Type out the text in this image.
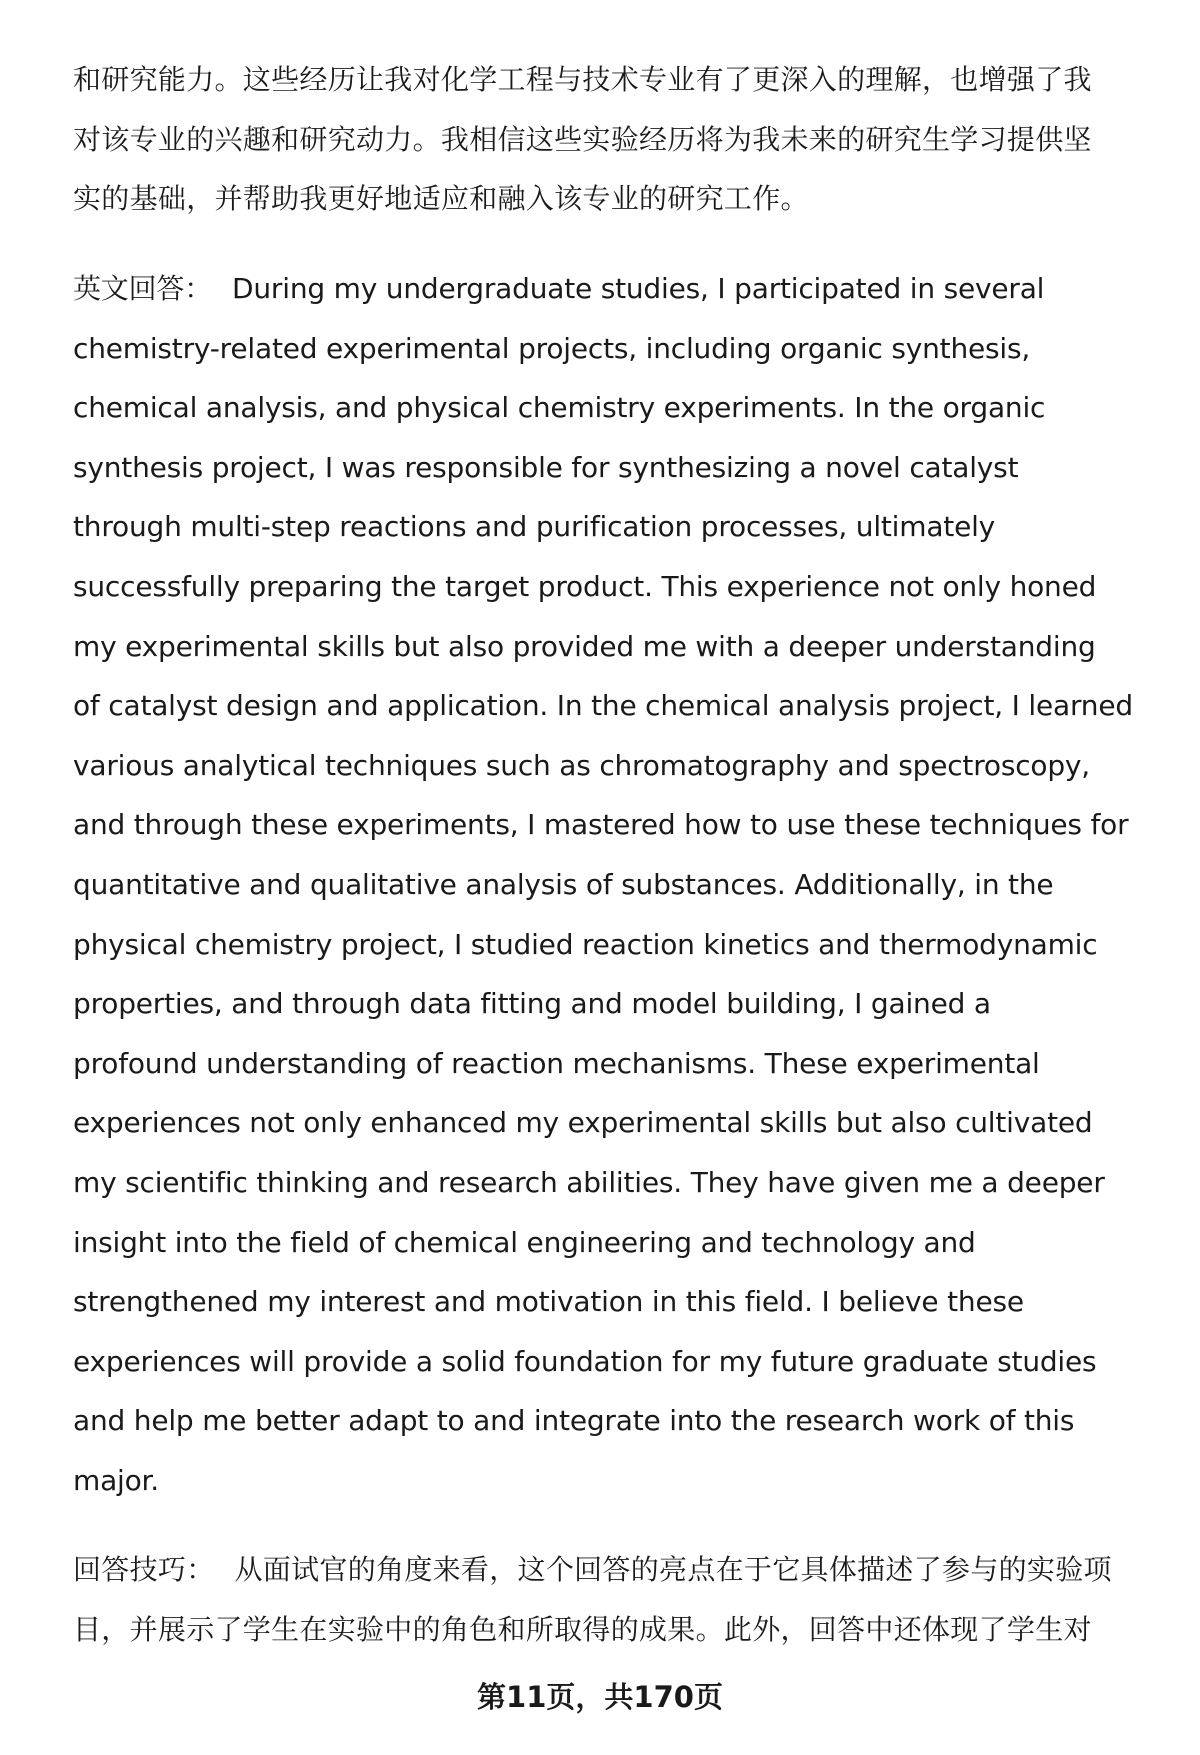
和研究能力。这些经历让我对化学工程与技术专业有了更深入的理解，也增强了我
对该专业的兴趣和研究动力。我相信这些实验经历将为我未来的研究生学习提供坚
实的基础，并帮助我更好地适应和融入该专业的研究工作。
英文回答： During my undergraduate studies, I participated in several
chemistry-related experimental projects, including organic synthesis,
chemical analysis, and physical chemistry experiments. In the organic
synthesis project, I was responsible for synthesizing a novel catalyst
through multi-step reactions and purification processes, ultimately
successfully preparing the target product. This experience not only honed
my experimental skills but also provided me with a deeper understanding
of catalyst design and application. In the chemical analysis project, I learned
various analytical techniques such as chromatography and spectroscopy,
and through these experiments, I mastered how to use these techniques for
quantitative and qualitative analysis of substances. Additionally, in the
physical chemistry project, I studied reaction kinetics and thermodynamic
properties, and through data fitting and model building, I gained a
profound understanding of reaction mechanisms. These experimental
experiences not only enhanced my experimental skills but also cultivated
my scientific thinking and research abilities. They have given me a deeper
insight into the field of chemical engineering and technology and
strengthened my interest and motivation in this field. I believe these
experiences will provide a solid foundation for my future graduate studies
and help me better adapt to and integrate into the research work of this
major.
回答技巧： 从面试官的角度来看，这个回答的亮点在于它具体描述了参与的实验项
目，并展示了学生在实验中的角色和所取得的成果。此外，回答中还体现了学生对
第11页，共170页
